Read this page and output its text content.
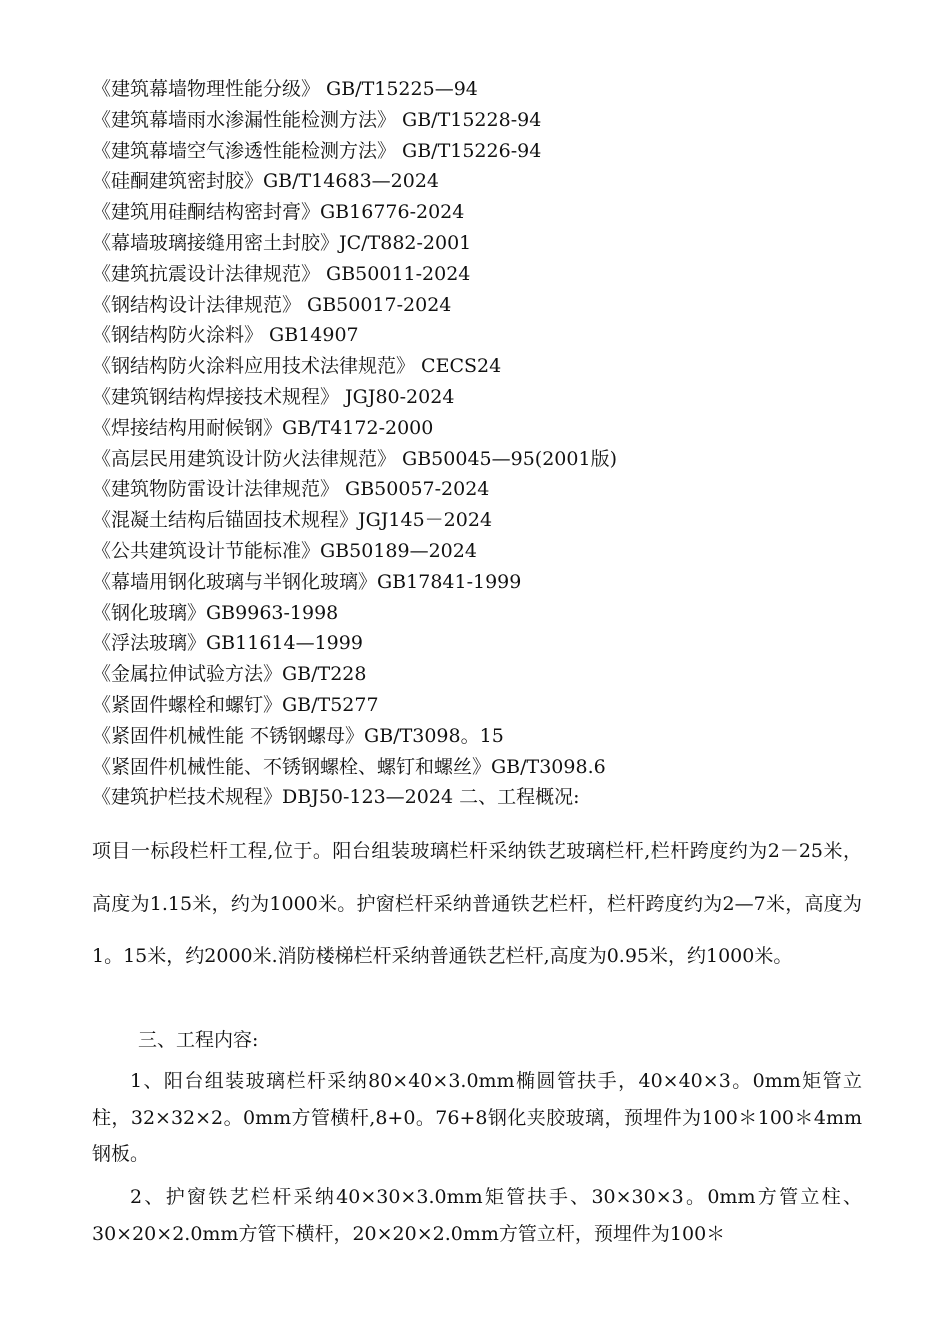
《建筑幕墙物理性能分级》 GB/T15225—94
《建筑幕墙雨水渗漏性能检测方法》 GB/T15228-94
《建筑幕墙空气渗透性能检测方法》 GB/T15226-94
《硅酮建筑密封胶》GB/T14683—2024
《建筑用硅酮结构密封膏》GB16776-2024
《幕墙玻璃接缝用密土封胶》JC/T882-2001
《建筑抗震设计法律规范》 GB50011-2024
《钢结构设计法律规范》 GB50017-2024
《钢结构防火涂料》 GB14907
《钢结构防火涂料应用技术法律规范》 CECS24
《建筑钢结构焊接技术规程》 JGJ80-2024
《焊接结构用耐候钢》GB/T4172-2000
《高层民用建筑设计防火法律规范》 GB50045—95(2001版)
《建筑物防雷设计法律规范》 GB50057-2024
《混凝土结构后锚固技术规程》JGJ145－2024
《公共建筑设计节能标准》GB50189—2024
《幕墙用钢化玻璃与半钢化玻璃》GB17841-1999
《钢化玻璃》GB9963-1998
《浮法玻璃》GB11614—1999
《金属拉伸试验方法》GB/T228
《紧固件螺栓和螺钉》GB/T5277
《紧固件机械性能 不锈钢螺母》GB/T3098。15
《紧固件机械性能、不锈钢螺栓、螺钉和螺丝》GB/T3098.6
《建筑护栏技术规程》DBJ50-123—2024 二、工程概况:

项目一标段栏杆工程,位于。阳台组装玻璃栏杆采纳铁艺玻璃栏杆,栏杆跨度约为2－25米，高度为1.15米，约为1000米。护窗栏杆采纳普通铁艺栏杆，栏杆跨度约为2—7米，高度为1。15米，约2000米.消防楼梯栏杆采纳普通铁艺栏杆,高度为0.95米，约1000米。

三、工程内容:

1、阳台组装玻璃栏杆采纳80×40×3.0mm椭圆管扶手，40×40×3。0mm矩管立柱，32×32×2。0mm方管横杆,8+0。76+8钢化夹胶玻璃，预埋件为100＊100＊4mm钢板。

2、护窗铁艺栏杆采纳40×30×3.0mm矩管扶手、30×30×3。0mm方管立柱、30×20×2.0mm方管下横杆，20×20×2.0mm方管立杆，预埋件为100＊
